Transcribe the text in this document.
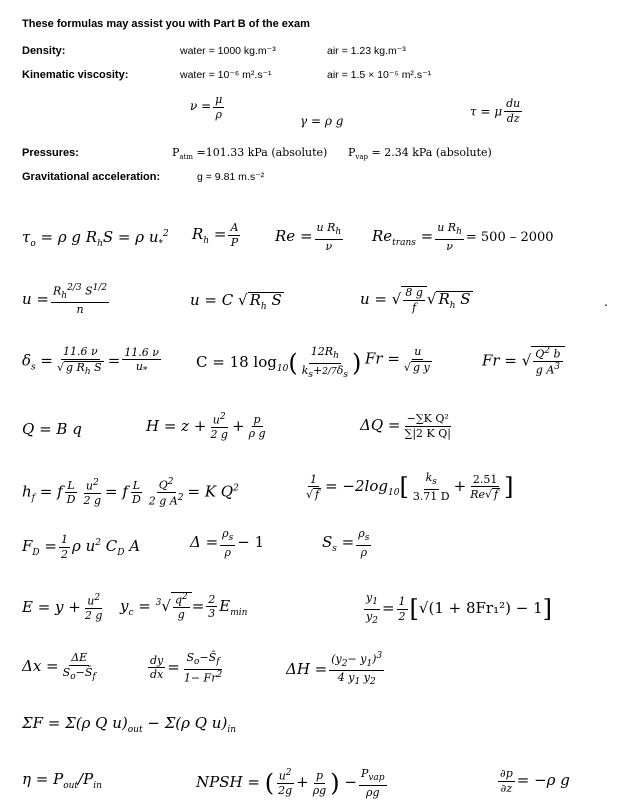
These formulas may assist you with Part B of the exam
Density:	water = 1000 kg.m⁻³	air = 1.23 kg.m⁻³
Kinematic viscosity:	water = 10⁻⁶ m².s⁻¹	air = 1.5 × 10⁻⁵ m².s⁻¹
$\nu = \frac{\mu}{\rho}$
γ = ρ g
τ = μ $\frac{du}{dz}$
Pressures:	$P_{atm} =101.33$ kPa (absolute) $P_{vap} = 2.34$ kPa (absolute)
Gravitational acceleration:	g = 9.81 m.s⁻²
$\tau_o = \rho$ g $R_hS = \rho$ $u_*^2$ $R_h = \frac{A}{P}$ $Re = \frac{u R_h}{\nu} Re_{trans} = \frac{u R_h}{\nu} = 500 - 2000$
$u = \frac{R_h^{2/3} S^{1/2}}{n}$	u = C √ $R_h$ S	u = √ $\frac{8 g}{f}$ √ $R_h$ S	.
$\delta_s = \frac{11.6 \nu}{√ g R_h S} = \frac{11.6 \nu}{u_*}$ C = 18 $\log_{10}( \frac{12R_h}{k_s+2/7\delta_s}$ ) $Fr = \frac{u}{\text{√ g y}}$	Fr = √ $\frac{Q^2 b}{g A^3}$
Q = B q	$H = z + \frac{u^2}{2 g} + \frac{p}{\text{ρ g}}$	$\Delta Q = \frac{\text{−∑K Q²}}{\text{∑|2 K Q|}}$
$h_f = f \frac{L}{D} \frac{u^2}{2 g} = f \frac{L}{D} \frac{Q^2}{2 g A^2} = K$ $Q^2$	$\frac{1}{√ f} = -2\log_{10}[ \frac{k_s}{3.71 D} + \frac{2.51}{Re√ f}$ ]
$F_D = \frac{1}{2}$ ρ $u^2$ $C_D$ A	$\Delta = \frac{\rho_s}{\rho} - 1$	$S_s = \frac{\rho_s}{\rho}$
$E = y + \frac{u^2}{2 g} y_c = ^3√ \frac{q^2}{g} = \frac{2}{3} E_{min}$	$\frac{y_1}{y_2} = \frac{1}{2} [√(1 + 8Fr_1^2) - 1]$
$\Delta x = \frac{\Delta E}{S_o-S̄_f}$	$\frac{dy}{dx} = \frac{S_o-S̄_f}{1- Fr^2}$	$\Delta H = \frac{(y_2- y_1)^3}{4 y_1 y_2}$
ΣF = Σ(ρ Q $u)_{out} - \Sigma(\rho$ Q $u)_{in}$
$\eta = P_{out}/P_{in}$	NPSH = ( $\frac{u^2}{2g} + \frac{p}{\rho g}$ ) − $P_{vap}$
ρg	$\frac{\partial p}{\partial z} = -\rho$ g
